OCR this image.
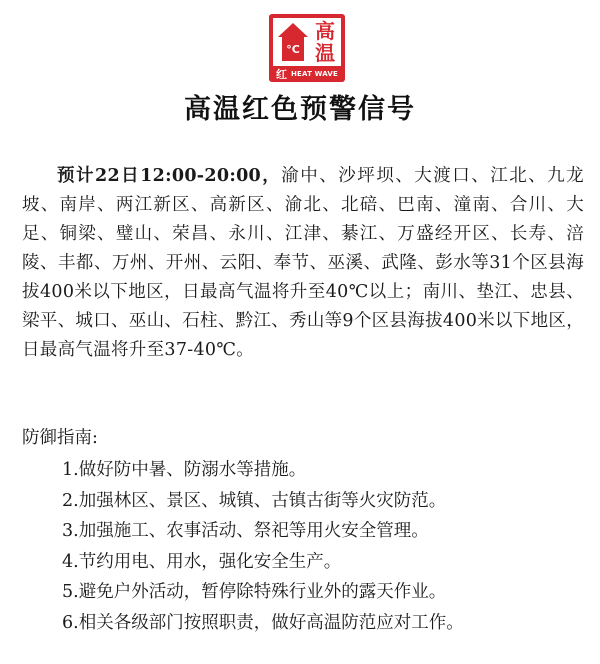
°C
高
温
红 HEAT WAVE
高温红色预警信号
预计22日12:00-20:00，渝中、沙坪坝、大渡口、江北、九龙坡、南岸、两江新区、高新区、渝北、北碚、巴南、潼南、合川、大足、铜梁、璧山、荣昌、永川、江津、綦江、万盛经开区、长寿、涪陵、丰都、万州、开州、云阳、奉节、巫溪、武隆、彭水等31个区县海拔400米以下地区，日最高气温将升至40℃以上；南川、垫江、忠县、梁平、城口、巫山、石柱、黔江、秀山等9个区县海拔400米以下地区，日最高气温将升至37-40℃。
防御指南:
1.做好防中暑、防溺水等措施。
2.加强林区、景区、城镇、古镇古街等火灾防范。
3.加强施工、农事活动、祭祀等用火安全管理。
4.节约用电、用水，强化安全生产。
5.避免户外活动，暂停除特殊行业外的露天作业。
6.相关各级部门按照职责，做好高温防范应对工作。
